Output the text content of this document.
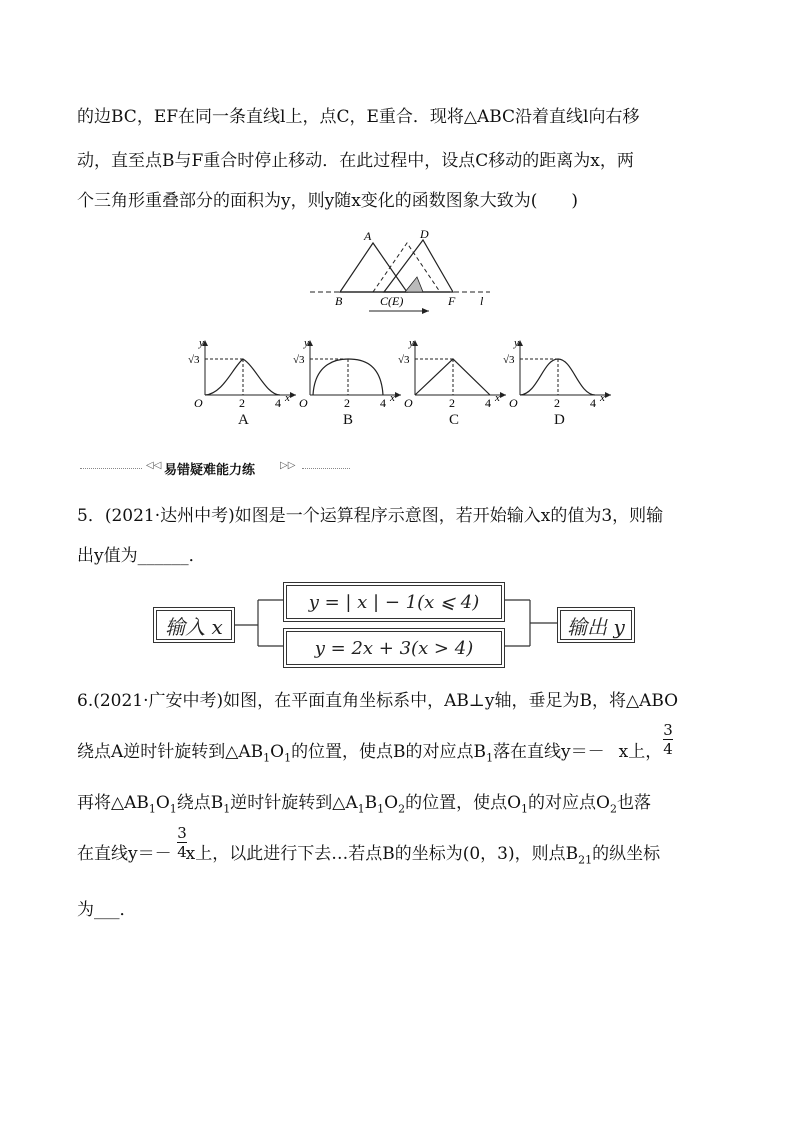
的边BC，EF在同一条直线l上，点C，E重合．现将△ABC沿着直线l向右移
动，直至点B与F重合时停止移动．在此过程中，设点C移动的距离为x，两
个三角形重叠部分的面积为y，则y随x变化的函数图象大致为(　　)
A	D
B	C(E)	F l
y
√3
O	2	4 x
A
y
√3
O	2	4 x
B
y
√3
O	2	4 x
C
y
√3
O	2	4 x
D
◁◁ 易错疑难能力练 ▷▷
5．(2021·达州中考)如图是一个运算程序示意图，若开始输入x的值为3，则输
出y值为______．
输入 x
y = | x | − 1(x ⩽ 4)
y = 2x + 3(x > 4)
输出 y
6.(2021·广安中考)如图，在平面直角坐标系中，AB⊥y轴，垂足为B，将△ABO
绕点A逆时针旋转到$\triangle AB_1O_1$的位置，使点B的对应点$B_1$落在直线y＝－ x上，
3
4
再将$\triangle AB_1O_1$绕点$B_1$逆时针旋转到$\triangle A_1B_1O_2$的位置，使点$O_1$的对应点$O_2$也落
在直线y＝－ x上，以此进行下去…若点B的坐标为(0，3)，则点$B_{21}$的纵坐标
3
4
为___．
